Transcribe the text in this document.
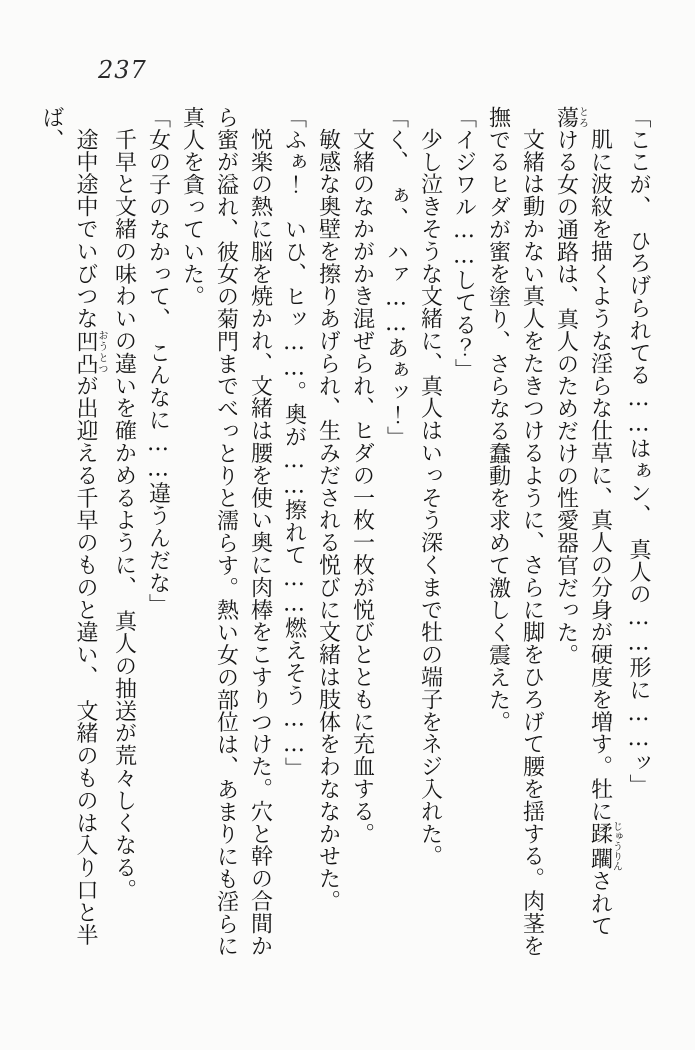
237

「ここが、　ひろげられてる……はぁン、　真人の……形に……ッ」

肌に波紋を描くような淫らな仕草に、真人の分身が硬度を増す。牡に蹂躙じゅうりんされて蕩とろける女の通路は、真人のためだけの性愛器官だった。

文緒は動かない真人をたきつけるように、さらに脚をひろげて腰を揺する。肉茎を撫でるヒダが蜜を塗り、さらなる蠢動を求めて激しく震えた。

「イジワル……してる？」

少し泣きそうな文緒に、真人はいっそう深くまで牡の端子をネジ入れた。

「く、　ぁ、　ハァ……あぁッ！」

文緒のなかがかき混ぜられ、ヒダの一枚一枚が悦びとともに充血する。

敏感な奥壁を擦りあげられ、生みだされる悦びに文緒は肢体をわななかせた。

「ふぁ！　いひ、ヒッ……。奥が……擦れて……燃えそう……」

悦楽の熱に脳を焼かれ、文緒は腰を使い奥に肉棒をこすりつけた。穴と幹の合間から蜜が溢れ、彼女の菊門までべっとりと濡らす。熱い女の部位は、あまりにも淫らに真人を貪っていた。

「女の子のなかって、　こんなに……違うんだな」

千早と文緒の味わいの違いを確かめるように、　真人の抽送が荒々しくなる。

途中途中でいびつな凹凸おうとつが出迎える千早のものと違い、　文緒のものは入り口と半ば、
